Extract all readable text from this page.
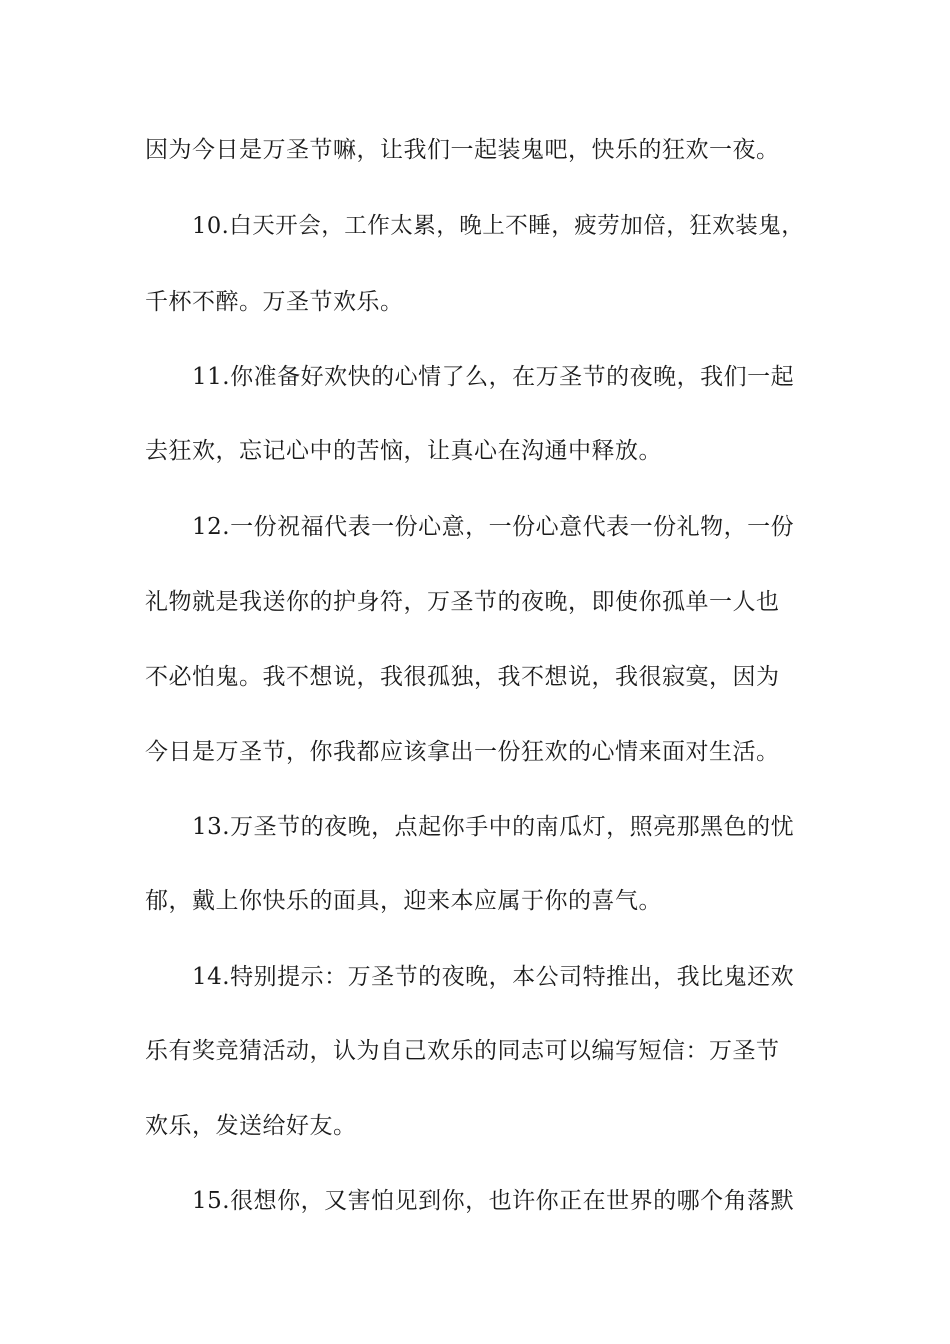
因为今日是万圣节嘛，让我们一起装鬼吧，快乐的狂欢一夜。
10.白天开会，工作太累，晚上不睡，疲劳加倍，狂欢装鬼，
千杯不醉。万圣节欢乐。
11.你准备好欢快的心情了么，在万圣节的夜晚，我们一起
去狂欢，忘记心中的苦恼，让真心在沟通中释放。
12.一份祝福代表一份心意，一份心意代表一份礼物，一份
礼物就是我送你的护身符，万圣节的夜晚，即使你孤单一人也
不必怕鬼。我不想说，我很孤独，我不想说，我很寂寞，因为
今日是万圣节，你我都应该拿出一份狂欢的心情来面对生活。
13.万圣节的夜晚，点起你手中的南瓜灯，照亮那黑色的忧
郁，戴上你快乐的面具，迎来本应属于你的喜气。
14.特别提示：万圣节的夜晚，本公司特推出，我比鬼还欢
乐有奖竞猜活动，认为自己欢乐的同志可以编写短信：万圣节
欢乐，发送给好友。
15.很想你，又害怕见到你，也许你正在世界的哪个角落默
